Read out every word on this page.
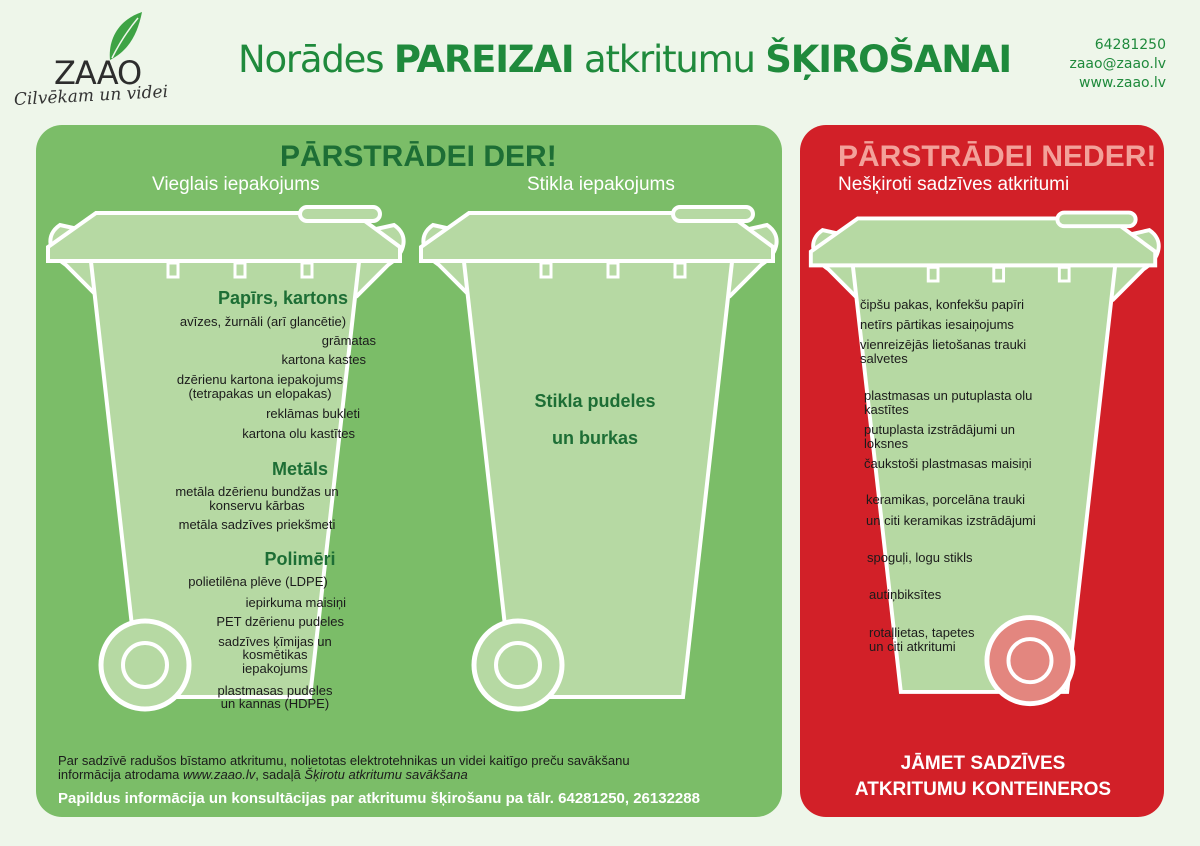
ZAAO
Cilvēkam un videi
Norādes PAREIZAI atkritumu ŠĶIROŠANAI	64281250
zaao@zaao.lv
www.zaao.lv
PĀRSTRĀDEI DER!	PĀRSTRĀDEI NEDER!
Vieglais iepakojums	Stikla iepakojums	Nešķiroti sadzīves atkritumi
Papīrs, kartons
avīzes, žurnāli (arī glancētie)
grāmatas
kartona kastes
dzērienu kartona iepakojums
(tetrapakas un elopakas)
reklāmas bukleti
kartona olu kastītes
Metāls
metāla dzērienu bundžas un
konservu kārbas
metāla sadzīves priekšmeti
Polimēri
polietilēna plēve (LDPE)
iepirkuma maisiņi
PET dzērienu pudeles
sadzīves ķīmijas un
kosmētikas
iepakojums
plastmasas pudeles
un kannas (HDPE)
Stikla pudeles
un burkas
čipšu pakas, konfekšu papīri
netīrs pārtikas iesaiņojums
vienreizējās lietošanas trauki
salvetes
plastmasas un putuplasta olu
kastītes
putuplasta izstrādājumi un
loksnes
čaukstoši plastmasas maisiņi
keramikas, porcelāna trauki
un citi keramikas izstrādājumi
spoguļi, logu stikls
autiņbiksītes
rotaļlietas, tapetes
un citi atkritumi
Par sadzīvē radušos bīstamo atkritumu, nolietotas elektrotehnikas un videi kaitīgo preču savākšanu
informācija atrodama www.zaao.lv, sadaļā Šķirotu atkritumu savākšana
Papildus informācija un konsultācijas par atkritumu šķirošanu pa tālr. 64281250, 26132288
JĀMET SADZĪVES
ATKRITUMU KONTEINEROS
